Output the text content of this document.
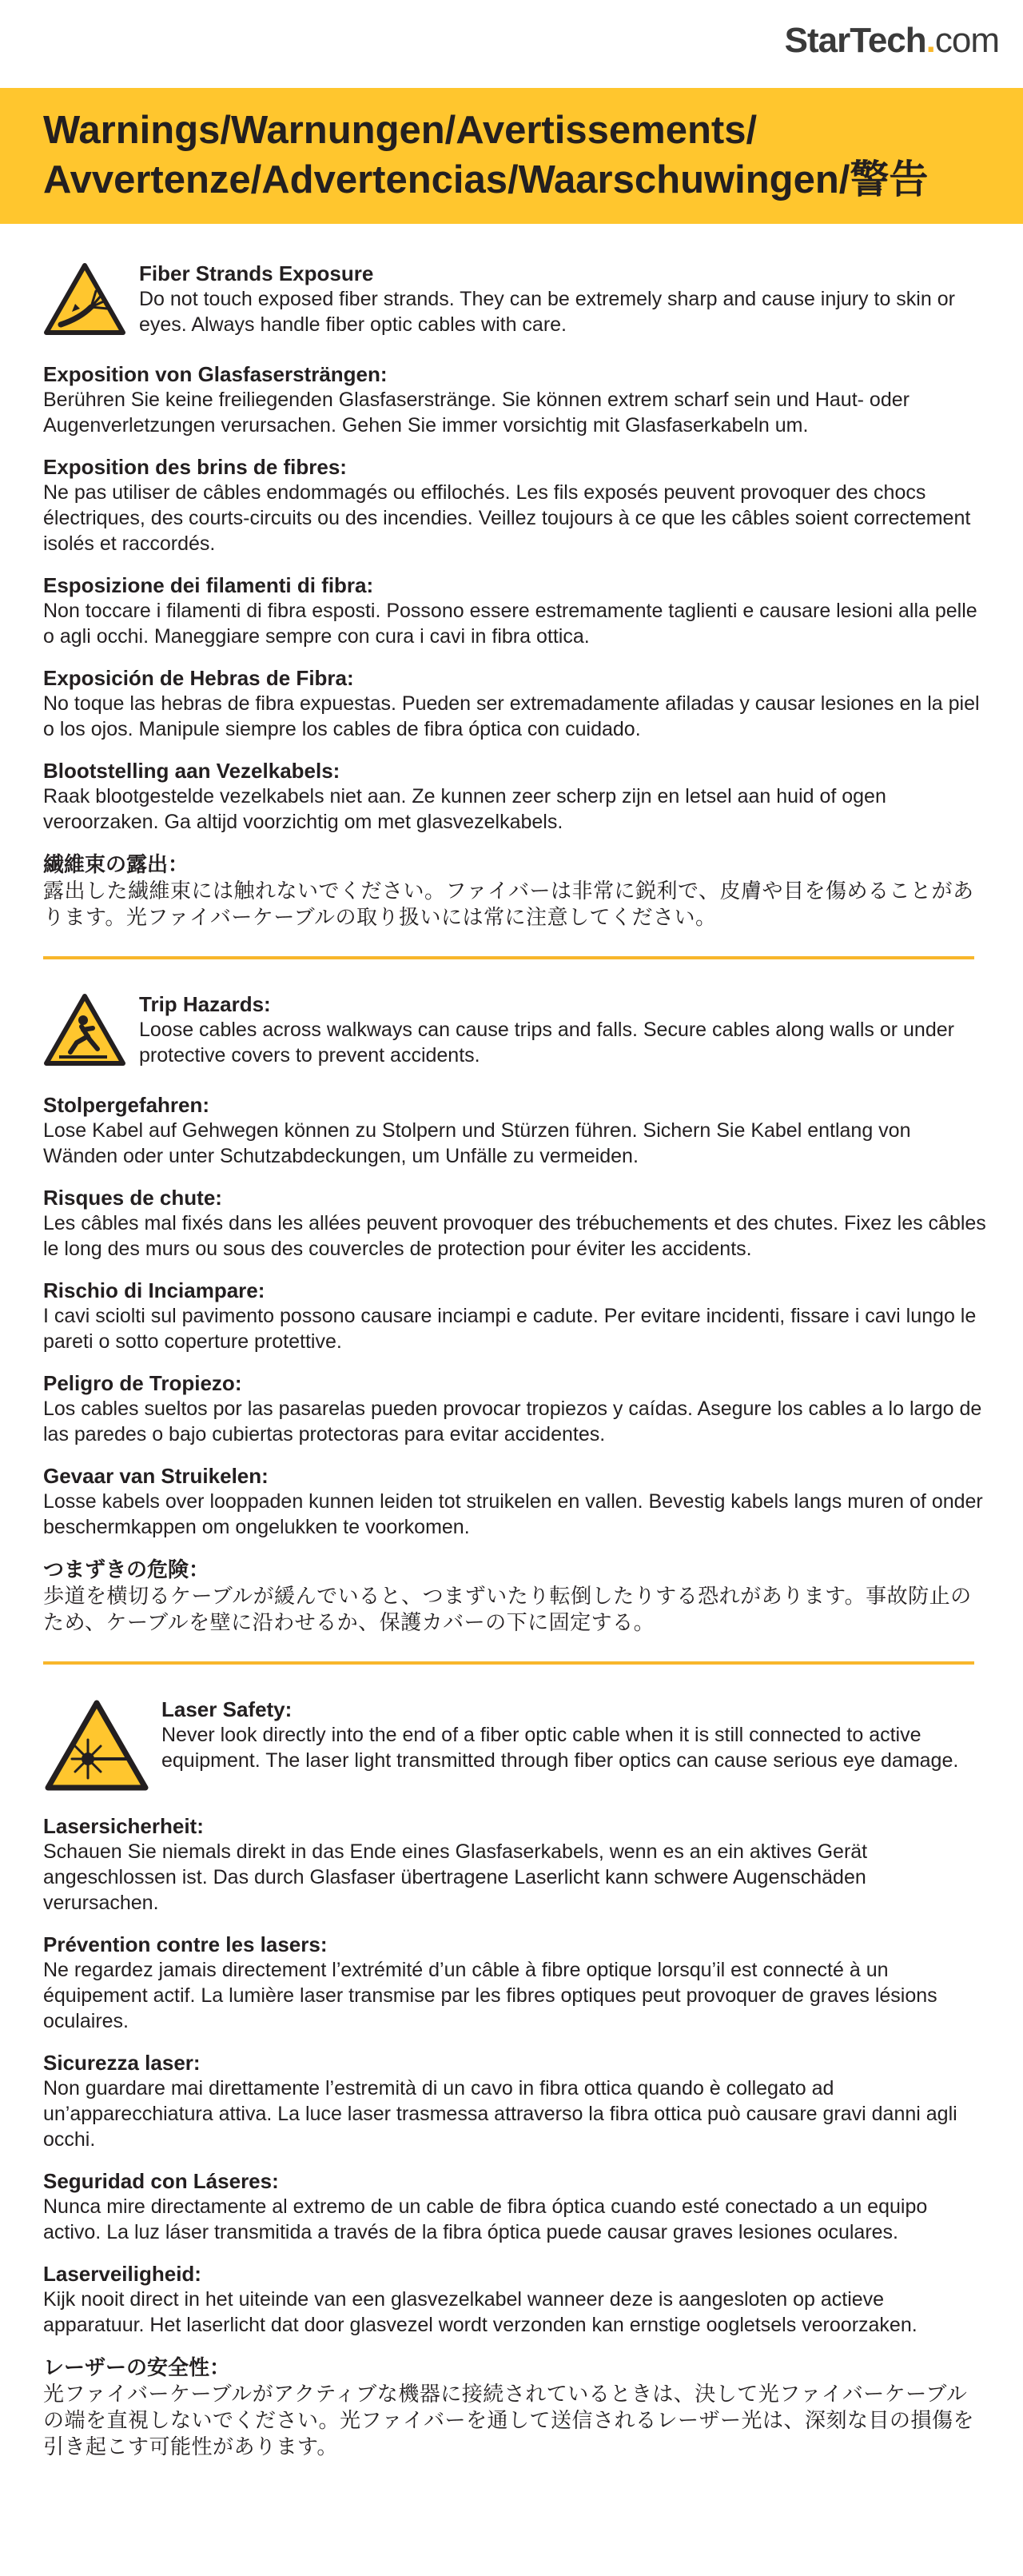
StarTech.com
Warnings/Warnungen/Avertissements/
Avvertenze/Advertencias/Waarschuwingen/警告
Fiber Strands Exposure
Do not touch exposed fiber strands. They can be extremely sharp and cause injury to skin or eyes. Always handle fiber optic cables with care.
Exposition von Glasfasersträngen:
Berühren Sie keine freiliegenden Glasfaserstränge. Sie können extrem scharf sein und Haut- oder Augenverletzungen verursachen. Gehen Sie immer vorsichtig mit Glasfaserkabeln um.
Exposition des brins de fibres:
Ne pas utiliser de câbles endommagés ou effilochés. Les fils exposés peuvent provoquer des chocs électriques, des courts-circuits ou des incendies. Veillez toujours à ce que les câbles soient correctement isolés et raccordés.
Esposizione dei filamenti di fibra:
Non toccare i filamenti di fibra esposti. Possono essere estremamente taglienti e causare lesioni alla pelle o agli occhi. Maneggiare sempre con cura i cavi in fibra ottica.
Exposición de Hebras de Fibra:
No toque las hebras de fibra expuestas. Pueden ser extremadamente afiladas y causar lesiones en la piel o los ojos. Manipule siempre los cables de fibra óptica con cuidado.
Blootstelling aan Vezelkabels:
Raak blootgestelde vezelkabels niet aan. Ze kunnen zeer scherp zijn en letsel aan huid of ogen veroorzaken. Ga altijd voorzichtig om met glasvezelkabels.
繊維束の露出：
露出した繊維束には触れないでください。ファイバーは非常に鋭利で、皮膚や目を傷めることがあります。光ファイバーケーブルの取り扱いには常に注意してください。
Trip Hazards:
Loose cables across walkways can cause trips and falls. Secure cables along walls or under protective covers to prevent accidents.
Stolpergefahren:
Lose Kabel auf Gehwegen können zu Stolpern und Stürzen führen. Sichern Sie Kabel entlang von Wänden oder unter Schutzabdeckungen, um Unfälle zu vermeiden.
Risques de chute:
Les câbles mal fixés dans les allées peuvent provoquer des trébuchements et des chutes. Fixez les câbles le long des murs ou sous des couvercles de protection pour éviter les accidents.
Rischio di Inciampare:
I cavi sciolti sul pavimento possono causare inciampi e cadute. Per evitare incidenti, fissare i cavi lungo le pareti o sotto coperture protettive.
Peligro de Tropiezo:
Los cables sueltos por las pasarelas pueden provocar tropiezos y caídas. Asegure los cables a lo largo de las paredes o bajo cubiertas protectoras para evitar accidentes.
Gevaar van Struikelen:
Losse kabels over looppaden kunnen leiden tot struikelen en vallen. Bevestig kabels langs muren of onder beschermkappen om ongelukken te voorkomen.
つまずきの危険：
歩道を横切るケーブルが緩んでいると、つまずいたり転倒したりする恐れがあります。事故防止のため、ケーブルを壁に沿わせるか、保護カバーの下に固定する。
Laser Safety:
Never look directly into the end of a fiber optic cable when it is still connected to active equipment. The laser light transmitted through fiber optics can cause serious eye damage.
Lasersicherheit:
Schauen Sie niemals direkt in das Ende eines Glasfaserkabels, wenn es an ein aktives Gerät angeschlossen ist. Das durch Glasfaser übertragene Laserlicht kann schwere Augenschäden verursachen.
Prévention contre les lasers:
Ne regardez jamais directement l’extrémité d’un câble à fibre optique lorsqu’il est connecté à un équipement actif. La lumière laser transmise par les fibres optiques peut provoquer de graves lésions oculaires.
Sicurezza laser:
Non guardare mai direttamente l’estremità di un cavo in fibra ottica quando è collegato ad un’apparecchiatura attiva. La luce laser trasmessa attraverso la fibra ottica può causare gravi danni agli occhi.
Seguridad con Láseres:
Nunca mire directamente al extremo de un cable de fibra óptica cuando esté conectado a un equipo activo. La luz láser transmitida a través de la fibra óptica puede causar graves lesiones oculares.
Laserveiligheid:
Kijk nooit direct in het uiteinde van een glasvezelkabel wanneer deze is aangesloten op actieve apparatuur. Het laserlicht dat door glasvezel wordt verzonden kan ernstige oogletsels veroorzaken.
レーザーの安全性：
光ファイバーケーブルがアクティブな機器に接続されているときは、決して光ファイバーケーブルの端を直視しないでください。光ファイバーを通して送信されるレーザー光は、深刻な目の損傷を引き起こす可能性があります。
